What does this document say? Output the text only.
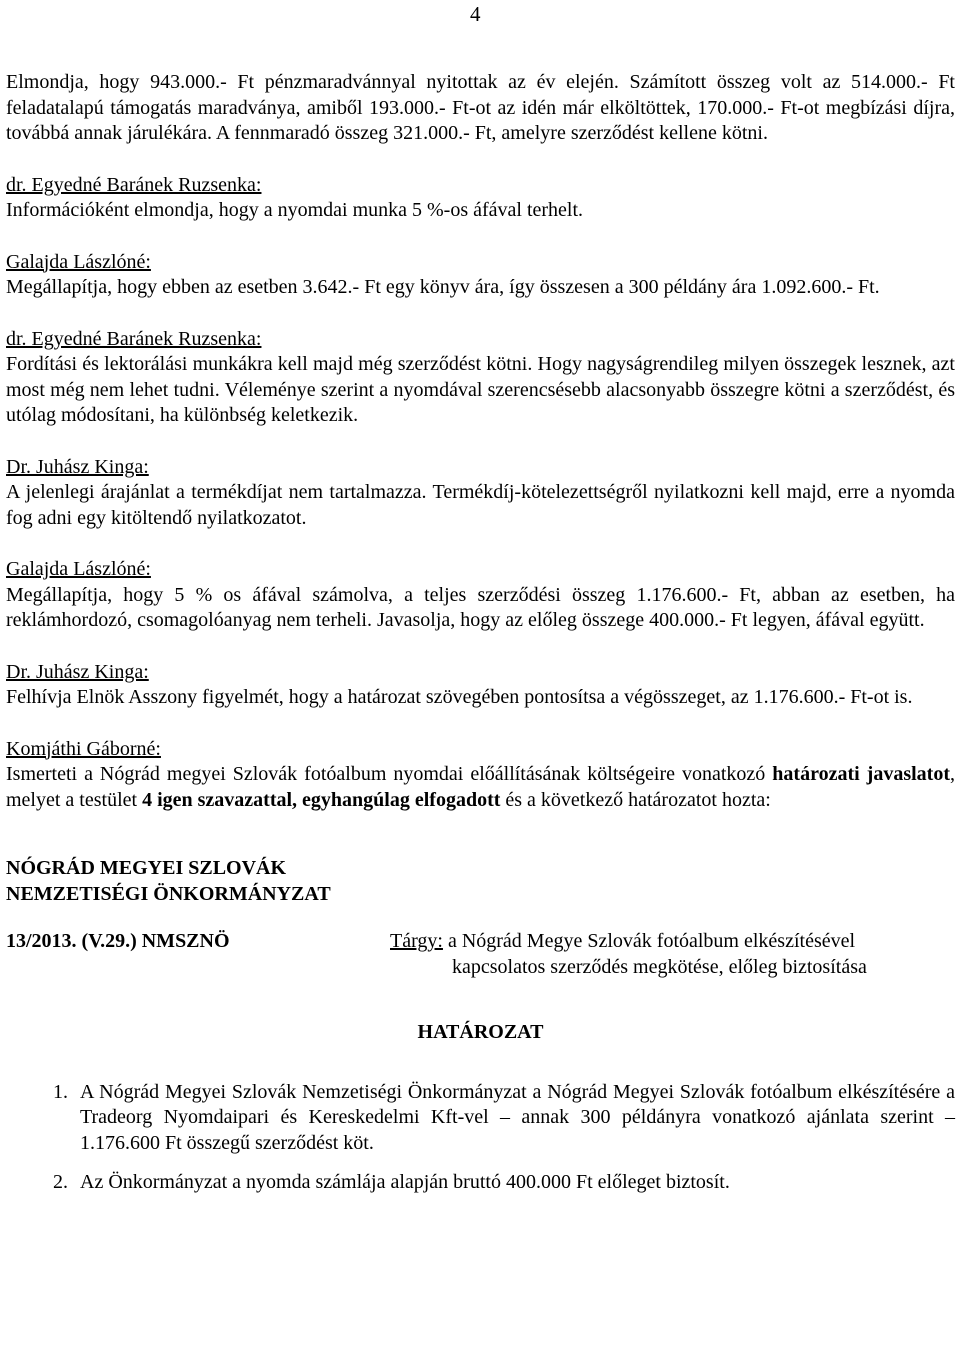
4

Elmondja, hogy 943.000.- Ft pénzmaradvánnyal nyitottak az év elején. Számított összeg volt az 514.000.- Ft feladatalapú támogatás maradványa, amiből 193.000.- Ft-ot az idén már elköltöttek, 170.000.- Ft-ot megbízási díjra, továbbá annak járulékára. A fennmaradó összeg 321.000.- Ft, amelyre szerződést kellene kötni.

dr. Egyedné Baránek Ruzsenka:

Információként elmondja, hogy a nyomdai munka 5 %-os áfával terhelt.

Galajda Lászlóné:

Megállapítja, hogy ebben az esetben 3.642.- Ft egy könyv ára, így összesen a 300 példány ára 1.092.600.- Ft.

dr. Egyedné Baránek Ruzsenka:

Fordítási és lektorálási munkákra kell majd még szerződést kötni. Hogy nagyságrendileg milyen összegek lesznek, azt most még nem lehet tudni. Véleménye szerint a nyomdával szerencsésebb alacsonyabb összegre kötni a szerződést, és utólag módosítani, ha különbség keletkezik.

Dr. Juhász Kinga:

A jelenlegi árajánlat a termékdíjat nem tartalmazza. Termékdíj-kötelezettségről nyilatkozni kell majd, erre a nyomda fog adni egy kitöltendő nyilatkozatot.

Galajda Lászlóné:

Megállapítja, hogy 5 % os áfával számolva, a teljes szerződési összeg 1.176.600.- Ft, abban az esetben, ha reklámhordozó, csomagolóanyag nem terheli. Javasolja, hogy az előleg összege 400.000.- Ft legyen, áfával együtt.

Dr. Juhász Kinga:

Felhívja Elnök Asszony figyelmét, hogy a határozat szövegében pontosítsa a végösszeget, az 1.176.600.- Ft-ot is.

Komjáthi Gáborné:

Ismerteti a Nógrád megyei Szlovák fotóalbum nyomdai előállításának költségeire vonatkozó határozati javaslatot, melyet a testület 4 igen szavazattal, egyhangúlag elfogadott és a következő határozatot hozta:

NÓGRÁD MEGYEI SZLOVÁK
NEMZETISÉGI ÖNKORMÁNYZAT
13/2013. (V.29.) NMSZNÖ	Tárgy: a Nógrád Megye Szlovák fotóalbum elkészítésével
kapcsolatos szerződés megkötése, előleg biztosítása
HATÁROZAT
1. A Nógrád Megyei Szlovák Nemzetiségi Önkormányzat a Nógrád Megyei Szlovák fotóalbum elkészítésére a Tradeorg Nyomdaipari és Kereskedelmi Kft-vel – annak 300 példányra vonatkozó ajánlata szerint – 1.176.600 Ft összegű szerződést köt.
2. Az Önkormányzat a nyomda számlája alapján bruttó 400.000 Ft előleget biztosít.
